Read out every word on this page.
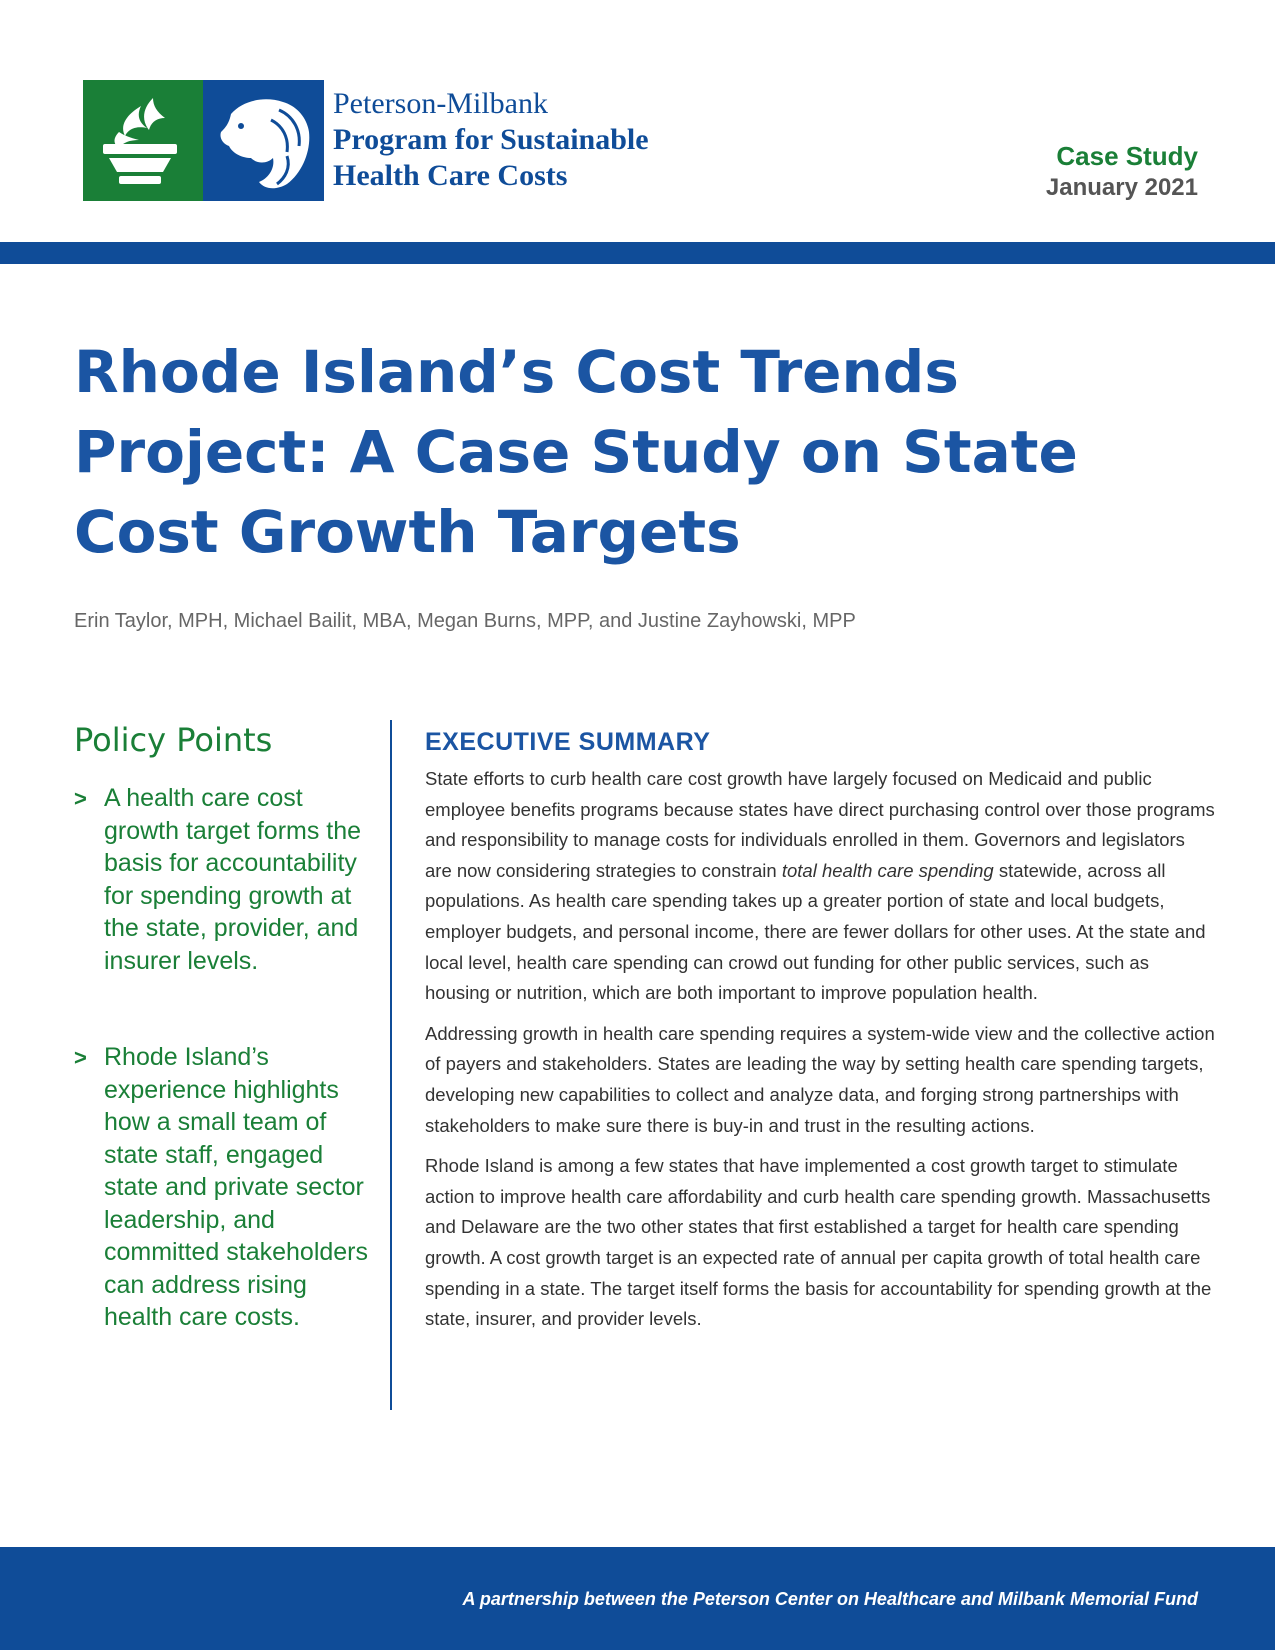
Peterson-Milbank
Program for Sustainable
Health Care Costs
Case Study
January 2021
Rhode Island’s Cost Trends Project: A Case Study on State Cost Growth Targets

Erin Taylor, MPH, Michael Bailit, MBA, Megan Burns, MPP, and Justine Zayhowski, MPP

Policy Points
> A health care cost growth target forms the basis for accountability for spending growth at the state, provider, and insurer levels.
> Rhode Island’s experience highlights how a small team of state staff, engaged state and private sector leadership, and committed stakeholders can address rising health care costs.
EXECUTIVE SUMMARY

State efforts to curb health care cost growth have largely focused on Medicaid and public employee benefits programs because states have direct purchasing control over those programs and responsibility to manage costs for individuals enrolled in them. Governors and legislators are now considering strategies to constrain total health care spending statewide, across all populations. As health care spending takes up a greater portion of state and local budgets, employer budgets, and personal income, there are fewer dollars for other uses. At the state and local level, health care spending can crowd out funding for other public services, such as housing or nutrition, which are both important to improve population health.

Addressing growth in health care spending requires a system-wide view and the collective action of payers and stakeholders. States are leading the way by setting health care spending targets, developing new capabilities to collect and analyze data, and forging strong partnerships with stakeholders to make sure there is buy-in and trust in the resulting actions.

Rhode Island is among a few states that have implemented a cost growth target to stimulate action to improve health care affordability and curb health care spending growth. Massachusetts and Delaware are the two other states that first established a target for health care spending growth. A cost growth target is an expected rate of annual per capita growth of total health care spending in a state. The target itself forms the basis for accountability for spending growth at the state, insurer, and provider levels.

A partnership between the Peterson Center on Healthcare and Milbank Memorial Fund
